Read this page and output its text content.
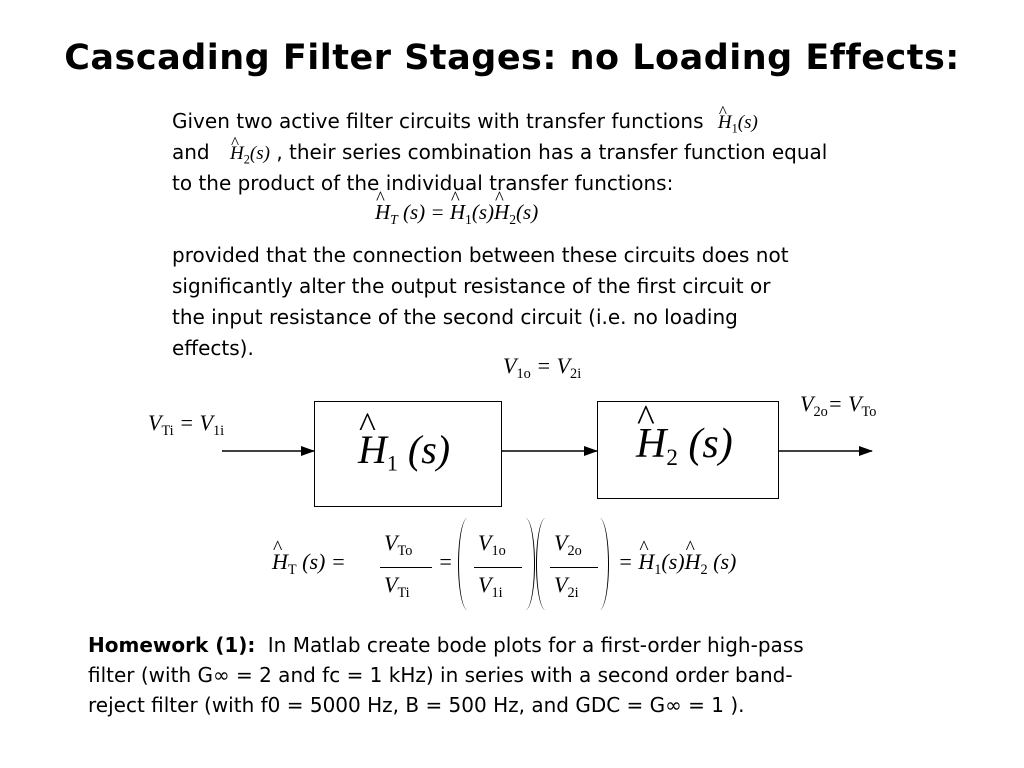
Cascading Filter Stages: no Loading Effects:
Given two active filter circuits with transfer functions ^ $H_1(s)$
and ^ $H_2(s)$ , their series combination has a transfer function equal
to the product of the individual transfer functions:
^ $H_T$ (s) = ^ $H_1(s)\^{}$ $H_2(s)$
provided that the connection between these circuits does not
significantly alter the output resistance of the first circuit or
the input resistance of the second circuit (i.e. no loading
effects).
^ $H_1$ (s)	^ $H_2$ (s)
$V_{Ti} = V_{1i}$
$V_{1o} = V_{2i}$
$V_{2o}= V_{To}$
^ $H_T$ (s) =
$V_{To}$
$V_{Ti}$
=
$V_{1o}$
$V_{1i}$
$V_{2o}$
$V_{2i}$
= ^ $H_1(s)\^{}$ $H_2$ (s)
Homework (1): In Matlab create bode plots for a first-order high-pass
filter (with G∞ = 2 and fc = 1 kHz) in series with a second order band-
reject filter (with f0 = 5000 Hz, B = 500 Hz, and GDC = G∞ = 1 ).
